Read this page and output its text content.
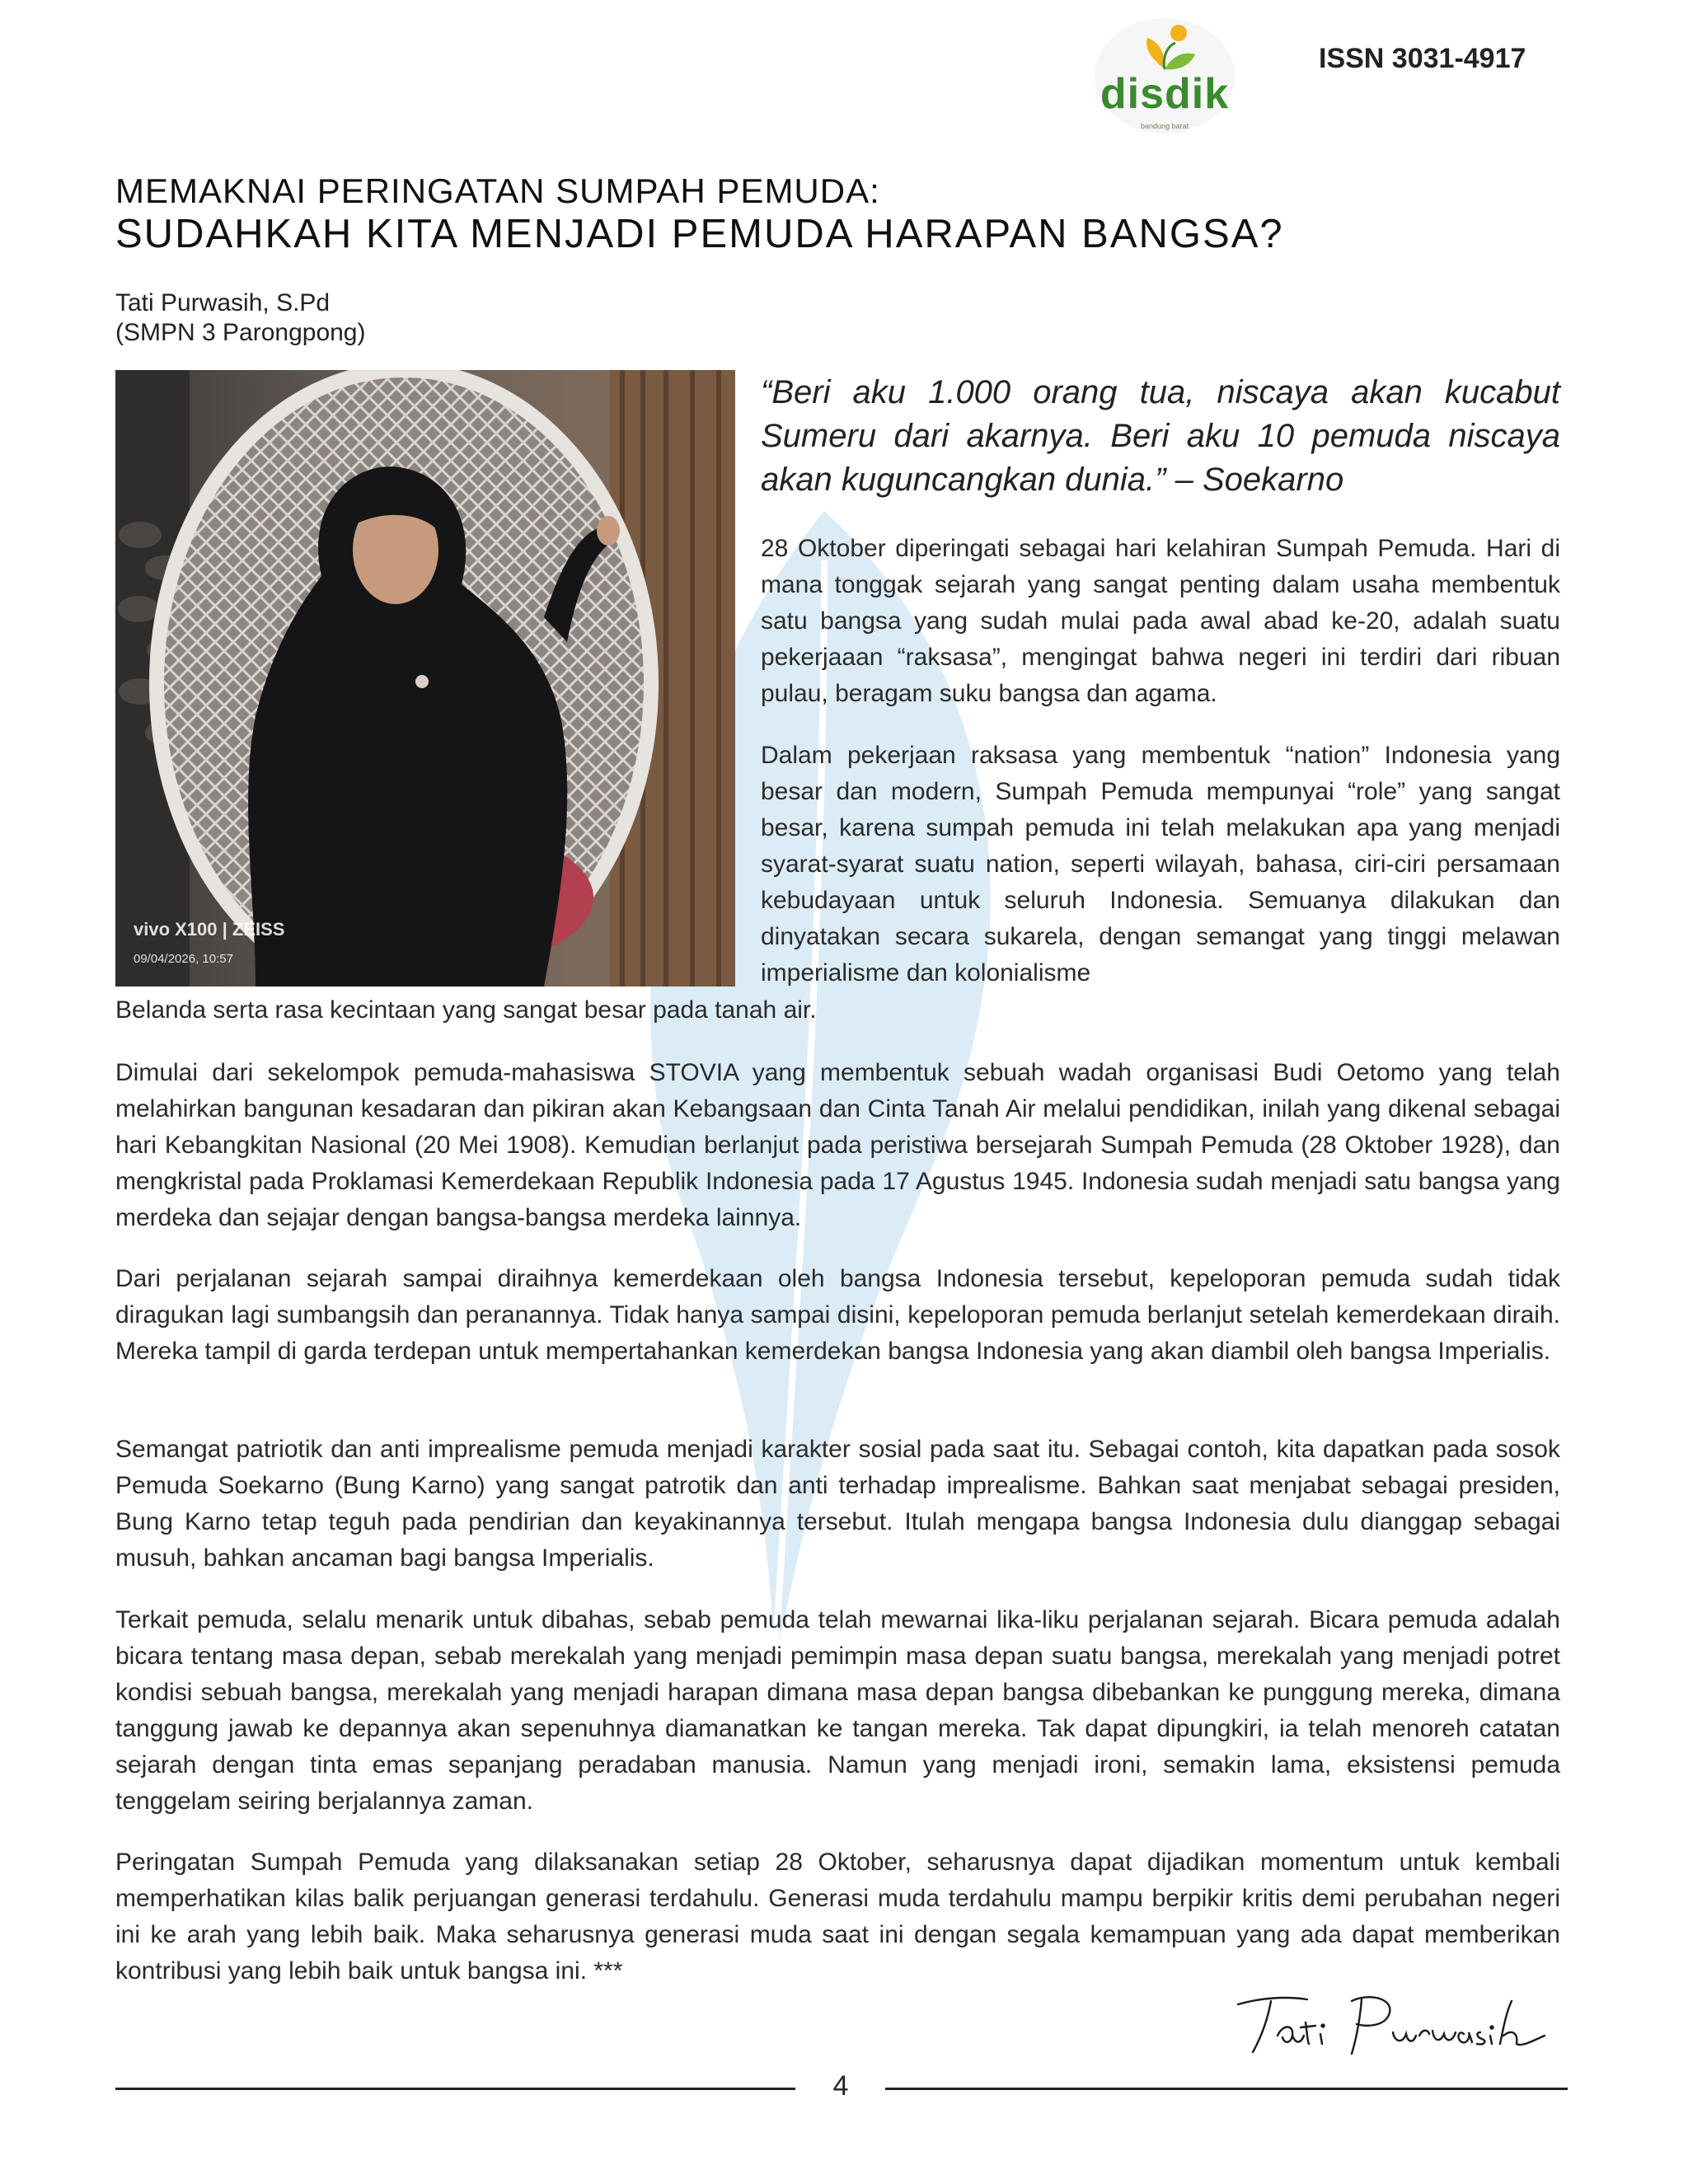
disdik
bandung barat
ISSN 3031-4917
MEMAKNAI PERINGATAN SUMPAH PEMUDA:
SUDAHKAH KITA MENJADI PEMUDA HARAPAN BANGSA?
Tati Purwasih, S.Pd
(SMPN 3 Parongpong)
vivo X100 | ZEISS
09/04/2026, 10:57
“Beri aku 1.000 orang tua, niscaya akan kucabut Sumeru dari akarnya. Beri aku 10 pemuda niscaya akan kuguncangkan dunia.” – Soekarno

28 Oktober diperingati sebagai hari kelahiran Sumpah Pemuda. Hari di mana tonggak sejarah yang sangat penting dalam usaha membentuk satu bangsa yang sudah mulai pada awal abad ke-20, adalah suatu pekerjaaan “raksasa”, mengingat bahwa negeri ini terdiri dari ribuan pulau, beragam suku bangsa dan agama.

Dalam pekerjaan raksasa yang membentuk “nation” Indonesia yang besar dan modern, Sumpah Pemuda mempunyai “role” yang sangat besar, karena sumpah pemuda ini telah melakukan apa yang menjadi syarat-syarat suatu nation, seperti wilayah, bahasa, ciri-ciri persamaan kebudayaan untuk seluruh Indonesia. Semuanya dilakukan dan dinyatakan secara sukarela, dengan semangat yang tinggi melawan imperialisme dan kolonialisme

Belanda serta rasa kecintaan yang sangat besar pada tanah air.

Dimulai dari sekelompok pemuda-mahasiswa STOVIA yang membentuk sebuah wadah organisasi Budi Oetomo yang telah melahirkan bangunan kesadaran dan pikiran akan Kebangsaan dan Cinta Tanah Air melalui pendidikan, inilah yang dikenal sebagai hari Kebangkitan Nasional (20 Mei 1908). Kemudian berlanjut pada peristiwa bersejarah Sumpah Pemuda (28 Oktober 1928), dan mengkristal pada Proklamasi Kemerdekaan Republik Indonesia pada 17 Agustus 1945. Indonesia sudah menjadi satu bangsa yang merdeka dan sejajar dengan bangsa-bangsa merdeka lainnya.

Dari perjalanan sejarah sampai diraihnya kemerdekaan oleh bangsa Indonesia tersebut, kepeloporan pemuda sudah tidak diragukan lagi sumbangsih dan peranannya. Tidak hanya sampai disini, kepeloporan pemuda berlanjut setelah kemerdekaan diraih. Mereka tampil di garda terdepan untuk mempertahankan kemerdekan bangsa Indonesia yang akan diambil oleh bangsa Imperialis.

Semangat patriotik dan anti imprealisme pemuda menjadi karakter sosial pada saat itu. Sebagai contoh, kita dapatkan pada sosok Pemuda Soekarno (Bung Karno) yang sangat patrotik dan anti terhadap imprealisme. Bahkan saat menjabat sebagai presiden, Bung Karno tetap teguh pada pendirian dan keyakinannya tersebut. Itulah mengapa bangsa Indonesia dulu dianggap sebagai musuh, bahkan ancaman bagi bangsa Imperialis.

Terkait pemuda, selalu menarik untuk dibahas, sebab pemuda telah mewarnai lika-liku perjalanan sejarah. Bicara pemuda adalah bicara tentang masa depan, sebab merekalah yang menjadi pemimpin masa depan suatu bangsa, merekalah yang menjadi potret kondisi sebuah bangsa, merekalah yang menjadi harapan dimana masa depan bangsa dibebankan ke punggung mereka, dimana tanggung jawab ke depannya akan sepenuhnya diamanatkan ke tangan mereka. Tak dapat dipungkiri, ia telah menoreh catatan sejarah dengan tinta emas sepanjang peradaban manusia. Namun yang menjadi ironi, semakin lama, eksistensi pemuda tenggelam seiring berjalannya zaman.

Peringatan Sumpah Pemuda yang dilaksanakan setiap 28 Oktober, seharusnya dapat dijadikan momentum untuk kembali memperhatikan kilas balik perjuangan generasi terdahulu. Generasi muda terdahulu mampu berpikir kritis demi perubahan negeri ini ke arah yang lebih baik. Maka seharusnya generasi muda saat ini dengan segala kemampuan yang ada dapat memberikan kontribusi yang lebih baik untuk bangsa ini. ***

4
